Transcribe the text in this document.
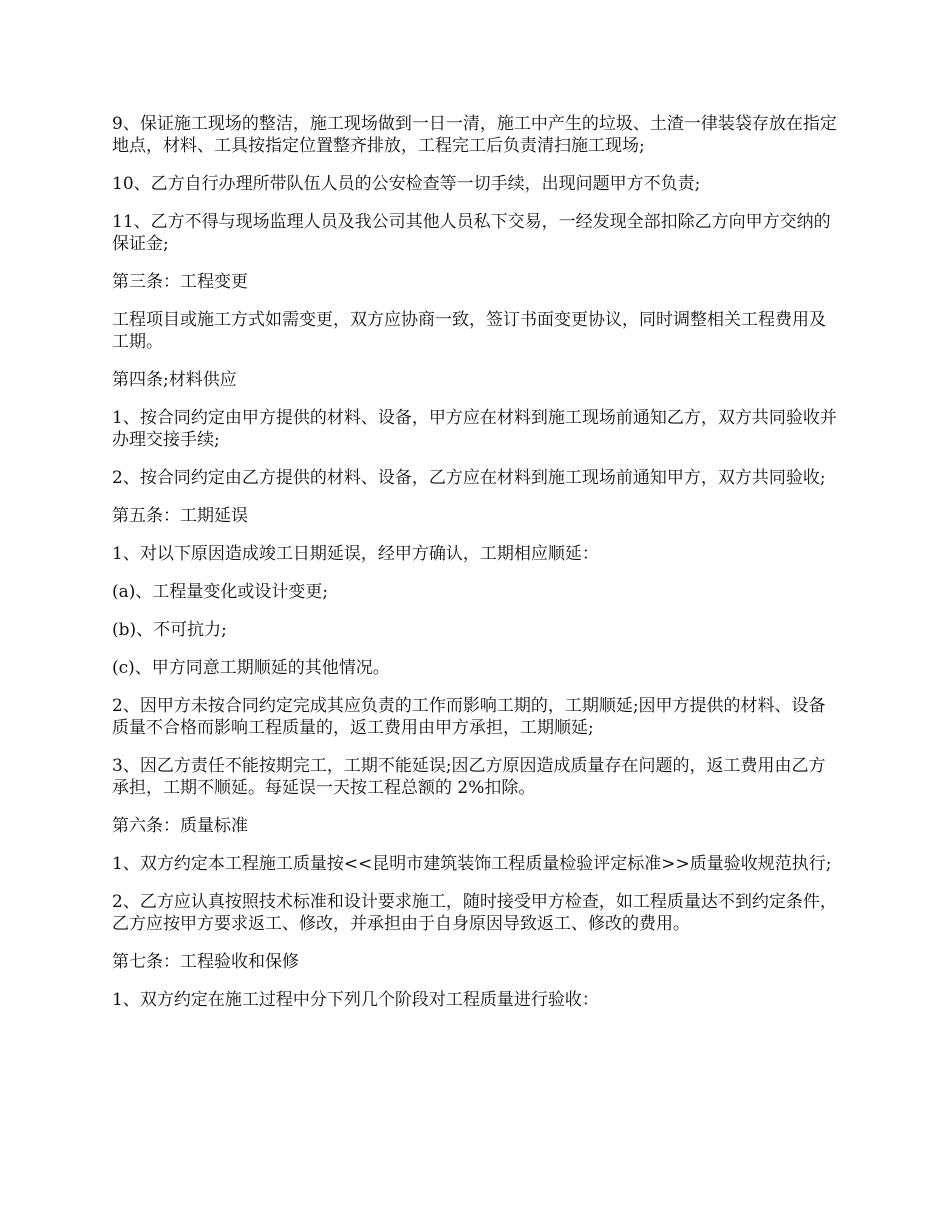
9、保证施工现场的整洁，施工现场做到一日一清，施工中产生的垃圾、土渣一律装袋存放在指定地点，材料、工具按指定位置整齐排放，工程完工后负责清扫施工现场;

10、乙方自行办理所带队伍人员的公安检查等一切手续，出现问题甲方不负责;

11、乙方不得与现场监理人员及我公司其他人员私下交易，一经发现全部扣除乙方向甲方交纳的保证金;

第三条：工程变更

工程项目或施工方式如需变更，双方应协商一致，签订书面变更协议，同时调整相关工程费用及工期。

第四条;材料供应

1、按合同约定由甲方提供的材料、设备，甲方应在材料到施工现场前通知乙方，双方共同验收并办理交接手续;

2、按合同约定由乙方提供的材料、设备，乙方应在材料到施工现场前通知甲方，双方共同验收;

第五条：工期延误

1、对以下原因造成竣工日期延误，经甲方确认，工期相应顺延：

(a)、工程量变化或设计变更;

(b)、不可抗力;

(c)、甲方同意工期顺延的其他情况。

2、因甲方未按合同约定完成其应负责的工作而影响工期的，工期顺延;因甲方提供的材料、设备质量不合格而影响工程质量的，返工费用由甲方承担，工期顺延;

3、因乙方责任不能按期完工，工期不能延误;因乙方原因造成质量存在问题的，返工费用由乙方承担，工期不顺延。每延误一天按工程总额的 2%扣除。

第六条：质量标准

1、双方约定本工程施工质量按<<昆明市建筑装饰工程质量检验评定标准>>质量验收规范执行;

2、乙方应认真按照技术标准和设计要求施工，随时接受甲方检查，如工程质量达不到约定条件，乙方应按甲方要求返工、修改，并承担由于自身原因导致返工、修改的费用。

第七条：工程验收和保修

1、双方约定在施工过程中分下列几个阶段对工程质量进行验收：
